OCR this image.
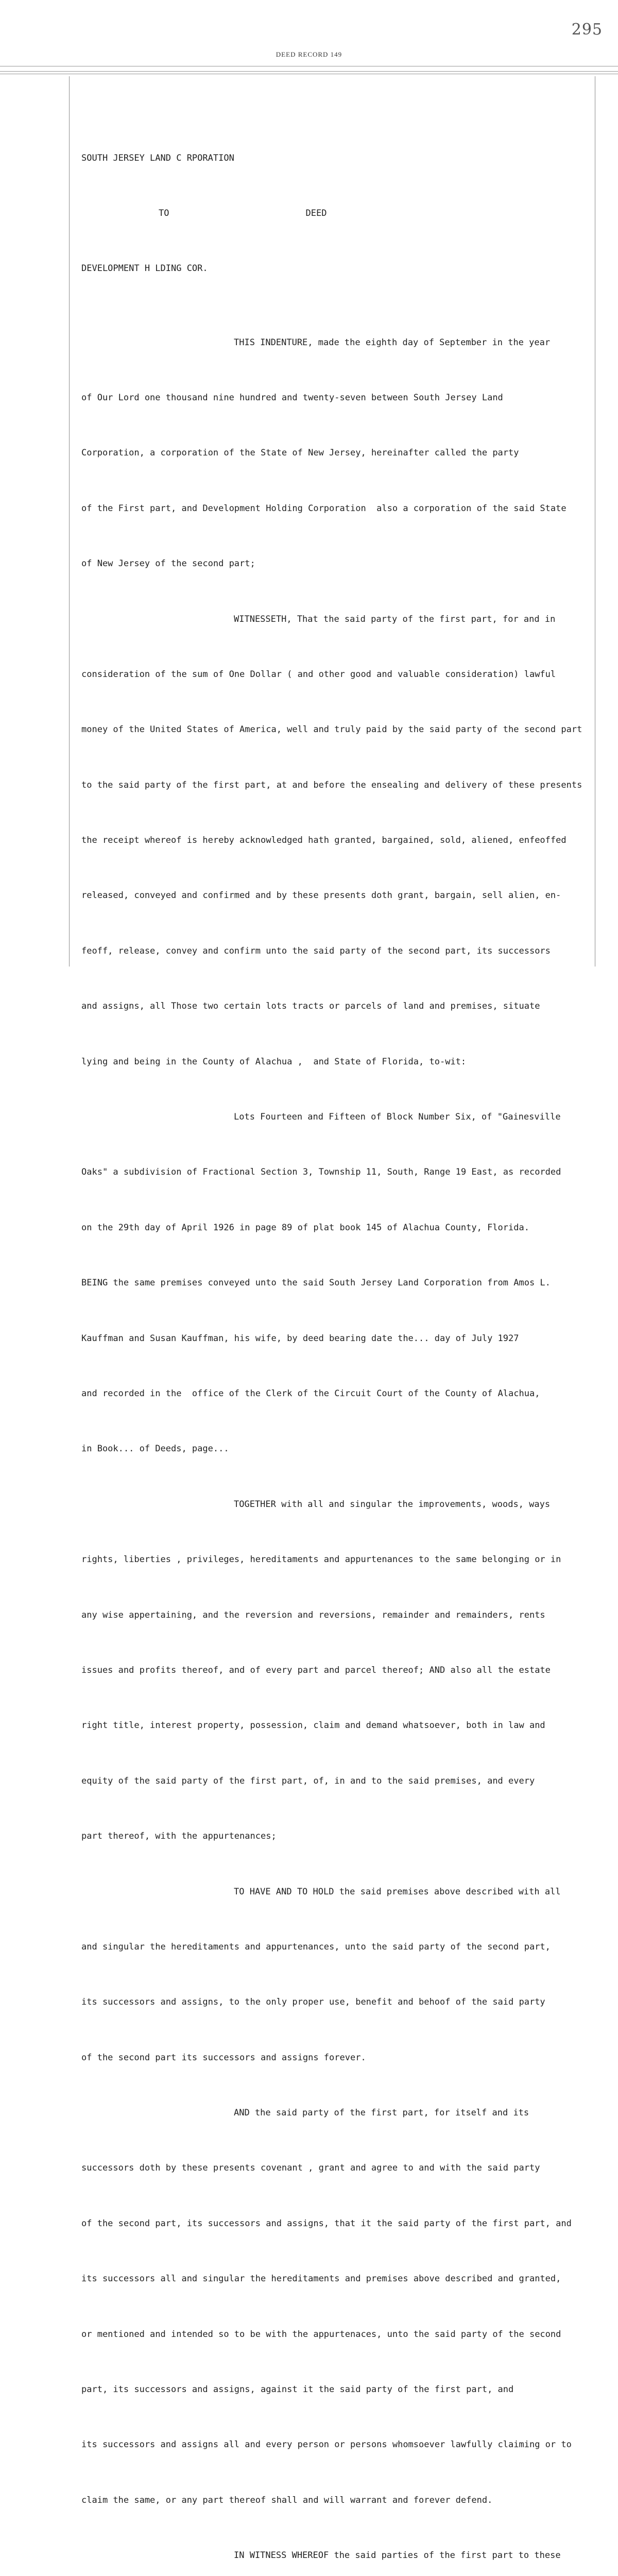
295
DEED RECORD 149

SOUTH JERSEY LAND C RPORATION

TO	DEED

DEVELOPMENT H LDING COR.

THIS INDENTURE, made the eighth day of September in the year

of Our Lord one thousand nine hundred and twenty-seven between South Jersey Land

Corporation, a corporation of the State of New Jersey, hereinafter called the party

of the First part, and Development Holding Corporation  also a corporation of the said State

of New Jersey of the second part;

WITNESSETH, That the said party of the first part, for and in

consideration of the sum of One Dollar ( and other good and valuable consideration) lawful

money of the United States of America, well and truly paid by the said party of the second part

to the said party of the first part, at and before the ensealing and delivery of these presents

the receipt whereof is hereby acknowledged hath granted, bargained, sold, aliened, enfeoffed

released, conveyed and confirmed and by these presents doth grant, bargain, sell alien, en-

feoff, release, convey and confirm unto the said party of the second part, its successors

and assigns, all Those two certain lots tracts or parcels of land and premises, situate

lying and being in the County of Alachua ,  and State of Florida, to-wit:

Lots Fourteen and Fifteen of Block Number Six, of "Gainesville

Oaks" a subdivision of Fractional Section 3, Township 11, South, Range 19 East, as recorded

on the 29th day of April 1926 in page 89 of plat book 145 of Alachua County, Florida.

BEING the same premises conveyed unto the said South Jersey Land Corporation from Amos L.

Kauffman and Susan Kauffman, his wife, by deed bearing date the... day of July 1927

and recorded in the  office of the Clerk of the Circuit Court of the County of Alachua,

in Book... of Deeds, page...

TOGETHER with all and singular the improvements, woods, ways

rights, liberties , privileges, hereditaments and appurtenances to the same belonging or in

any wise appertaining, and the reversion and reversions, remainder and remainders, rents

issues and profits thereof, and of every part and parcel thereof; AND also all the estate

right title, interest property, possession, claim and demand whatsoever, both in law and

equity of the said party of the first part, of, in and to the said premises, and every

part thereof, with the appurtenances;

TO HAVE AND TO HOLD the said premises above described with all

and singular the hereditaments and appurtenances, unto the said party of the second part,

its successors and assigns, to the only proper use, benefit and behoof of the said party

of the second part its successors and assigns forever.

AND the said party of the first part, for itself and its

successors doth by these presents covenant , grant and agree to and with the said party

of the second part, its successors and assigns, that it the said party of the first part, and

its successors all and singular the hereditaments and premises above described and granted,

or mentioned and intended so to be with the appurtenaces, unto the said party of the second

part, its successors and assigns, against it the said party of the first part, and

its successors and assigns all and every person or persons whomsoever lawfully claiming or to

claim the same, or any part thereof shall and will warrant and forever defend.

IN WITNESS WHEREOF the said parties of the first part to these
